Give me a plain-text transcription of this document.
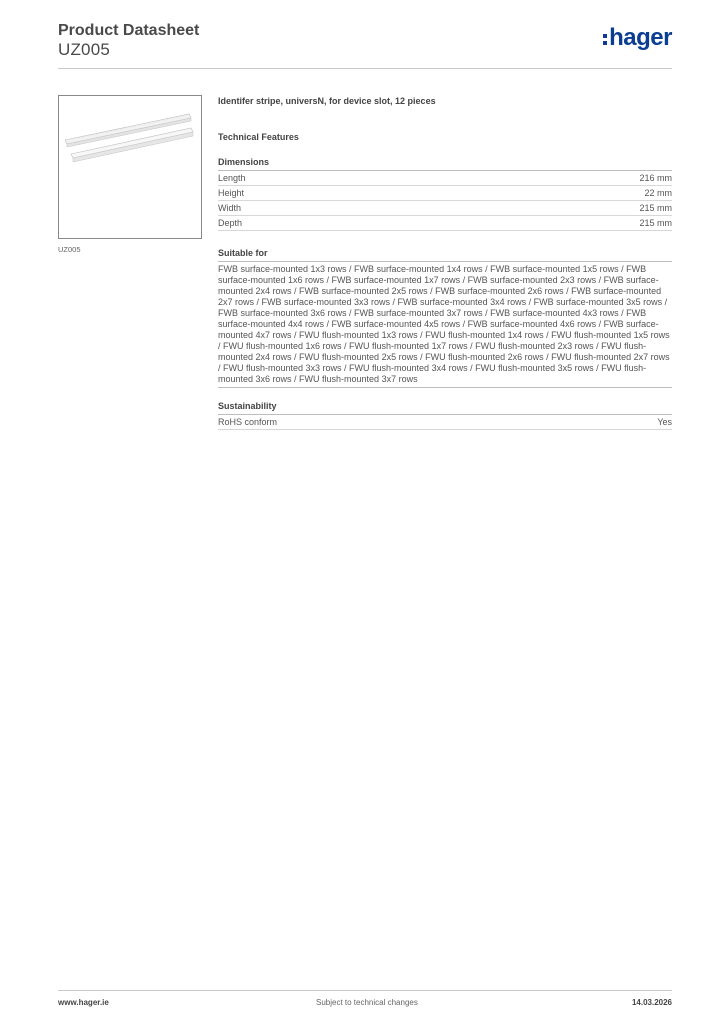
Product Datasheet
UZ005	hager
UZ005
Identifer stripe, universN, for device slot, 12 pieces
Technical Features
Dimensions
Length	216 mm
Height	22 mm
Width	215 mm
Depth	215 mm
Suitable for
FWB surface-mounted 1x3 rows / FWB surface-mounted 1x4 rows / FWB surface-mounted 1x5 rows / FWB surface-mounted 1x6 rows / FWB surface-mounted 1x7 rows / FWB surface-mounted 2x3 rows / FWB surface-mounted 2x4 rows / FWB surface-mounted 2x5 rows / FWB surface-mounted 2x6 rows / FWB surface-mounted 2x7 rows / FWB surface-mounted 3x3 rows / FWB surface-mounted 3x4 rows / FWB surface-mounted 3x5 rows / FWB surface-mounted 3x6 rows / FWB surface-mounted 3x7 rows / FWB surface-mounted 4x3 rows / FWB surface-mounted 4x4 rows / FWB surface-mounted 4x5 rows / FWB surface-mounted 4x6 rows / FWB surface-mounted 4x7 rows / FWU flush-mounted 1x3 rows / FWU flush-mounted 1x4 rows / FWU flush-mounted 1x5 rows / FWU flush-mounted 1x6 rows / FWU flush-mounted 1x7 rows / FWU flush-mounted 2x3 rows / FWU flush-mounted 2x4 rows / FWU flush-mounted 2x5 rows / FWU flush-mounted 2x6 rows / FWU flush-mounted 2x7 rows / FWU flush-mounted 3x3 rows / FWU flush-mounted 3x4 rows / FWU flush-mounted 3x5 rows / FWU flush-mounted 3x6 rows / FWU flush-mounted 3x7 rows
Sustainability
RoHS conform	Yes
www.hager.ie	Subject to technical changes	14.03.2026
